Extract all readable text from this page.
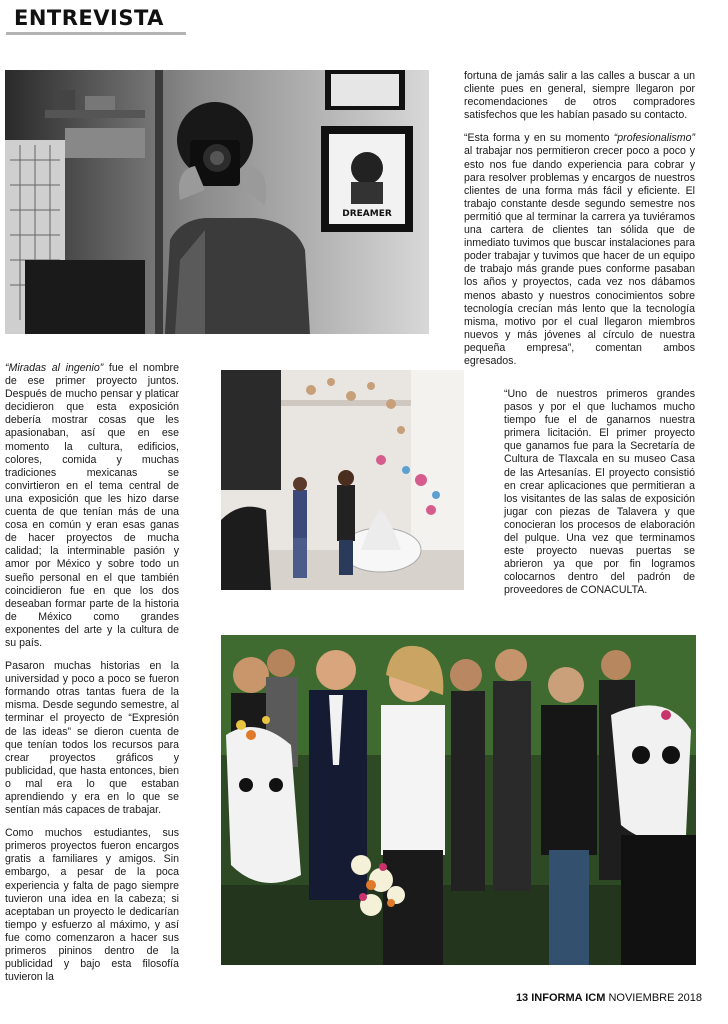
ENTREVISTA
DREAMER

“Miradas al ingenio” fue el nombre de ese primer proyecto juntos. Después de mucho pensar y platicar decidieron que esta exposición debería mostrar cosas que les apasionaban, así que en ese momento la cultura, edificios, colores, comida y muchas tradiciones mexicanas se convirtieron en el tema central de una exposición que les hizo darse cuenta de que tenían más de una cosa en común y eran esas ganas de hacer proyectos de mucha calidad; la interminable pasión y amor por México y sobre todo un sueño personal en el que también coincidieron fue en que los dos deseaban formar parte de la historia de México como grandes exponentes del arte y la cultura de su país.

Pasaron muchas historias en la universidad y poco a poco se fueron formando otras tantas fuera de la misma. Desde segundo semestre, al terminar el proyecto de “Expresión de las ideas” se dieron cuenta de que tenían todos los recursos para crear proyectos gráficos y publicidad, que hasta entonces, bien o mal era lo que estaban aprendiendo y era en lo que se sentían más capaces de trabajar.

Como muchos estudiantes, sus primeros proyectos fueron encargos gratis a familiares y amigos. Sin embargo, a pesar de la poca experiencia y falta de pago siempre tuvieron una idea en la cabeza; si aceptaban un proyecto le dedicarían tiempo y esfuerzo al máximo, y así fue como comenzaron a hacer sus primeros pininos dentro de la publicidad y bajo esta filosofía tuvieron la

fortuna de jamás salir a las calles a buscar a un cliente pues en general, siempre llegaron por recomendaciones de otros compradores satisfechos que les habían pasado su contacto.

“Esta forma y en su momento “profesionalismo” al trabajar nos permitieron crecer poco a poco y esto nos fue dando experiencia para cobrar y para resolver problemas y encargos de nuestros clientes de una forma más fácil y eficiente. El trabajo constante desde segundo semestre nos permitió que al terminar la carrera ya tuviéramos una cartera de clientes tan sólida que de inmediato tuvimos que buscar instalaciones para poder trabajar y tuvimos que hacer de un equipo de trabajo más grande pues conforme pasaban los años y proyectos, cada vez nos dábamos menos abasto y nuestros conocimientos sobre tecnología crecían más lento que la tecnología misma, motivo por el cual llegaron miembros nuevos y más jóvenes al círculo de nuestra pequeña empresa”, comentan ambos egresados.

“Uno de nuestros primeros grandes pasos y por el que luchamos mucho tiempo fue el de ganarnos nuestra primera licitación. El primer proyecto que ganamos fue para la Secretaría de Cultura de Tlaxcala en su museo Casa de las Artesanías. El proyecto consistió en crear aplicaciones que permitieran a los visitantes de las salas de exposición jugar con piezas de Talavera y que conocieran los procesos de elaboración del pulque. Una vez que terminamos este proyecto nuevas puertas se abrieron ya que por fin logramos colocarnos dentro del padrón de proveedores de CONACULTA.

13 INFORMA ICM NOVIEMBRE 2018
